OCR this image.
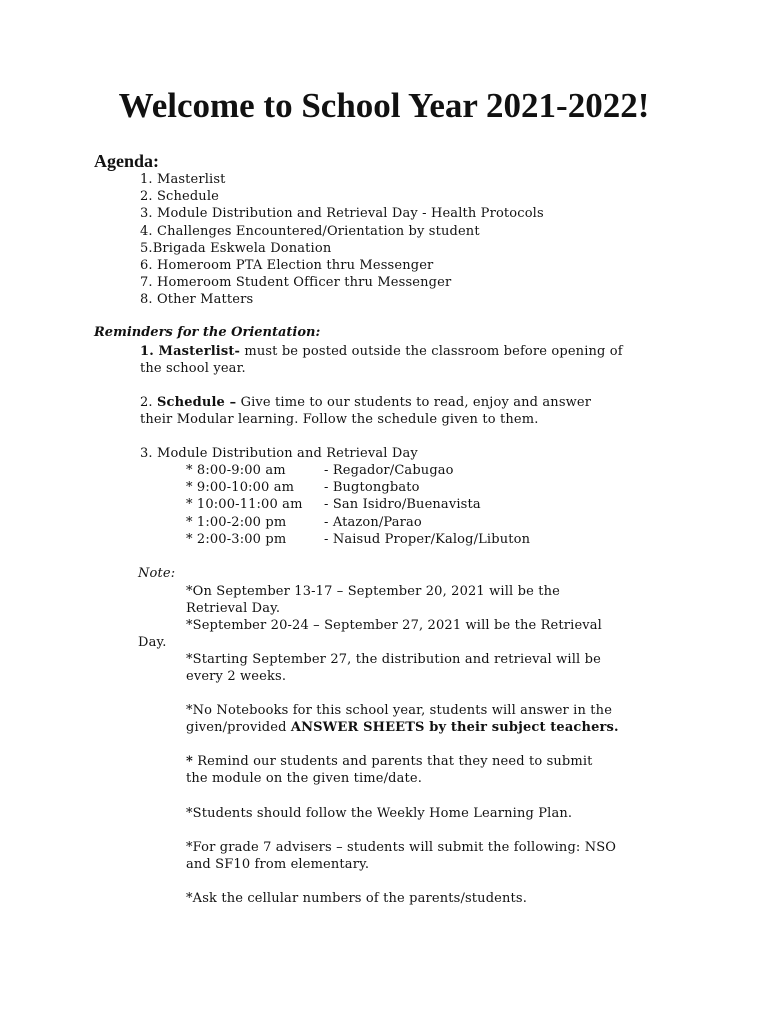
Welcome to School Year 2021-2022!
Agenda:
1. Masterlist
2. Schedule
3. Module Distribution and Retrieval Day - Health Protocols
4. Challenges Encountered/Orientation by student
5.Brigada Eskwela Donation
6. Homeroom PTA Election thru Messenger
7. Homeroom Student Officer thru Messenger
8. Other Matters
Reminders for the Orientation:
1. Masterlist- must be posted outside the classroom before opening of
the school year.
2. Schedule – Give time to our students to read, enjoy and answer
their Modular learning. Follow the schedule given to them.
3. Module Distribution and Retrieval Day
* 8:00-9:00 am	- Regador/Cabugao
* 9:00-10:00 am	- Bugtongbato
* 10:00-11:00 am	- San Isidro/Buenavista
* 1:00-2:00 pm	- Atazon/Parao
* 2:00-3:00 pm	- Naisud Proper/Kalog/Libuton
Note:
*On September 13-17 – September 20, 2021 will be the
Retrieval Day.
*September 20-24 – September 27, 2021 will be the Retrieval
Day.
*Starting September 27, the distribution and retrieval will be
every 2 weeks.
*No Notebooks for this school year, students will answer in the
given/provided ANSWER SHEETS by their subject teachers.
* Remind our students and parents that they need to submit
the module on the given time/date.
*Students should follow the Weekly Home Learning Plan.
*For grade 7 advisers – students will submit the following: NSO
and SF10 from elementary.
*Ask the cellular numbers of the parents/students.
